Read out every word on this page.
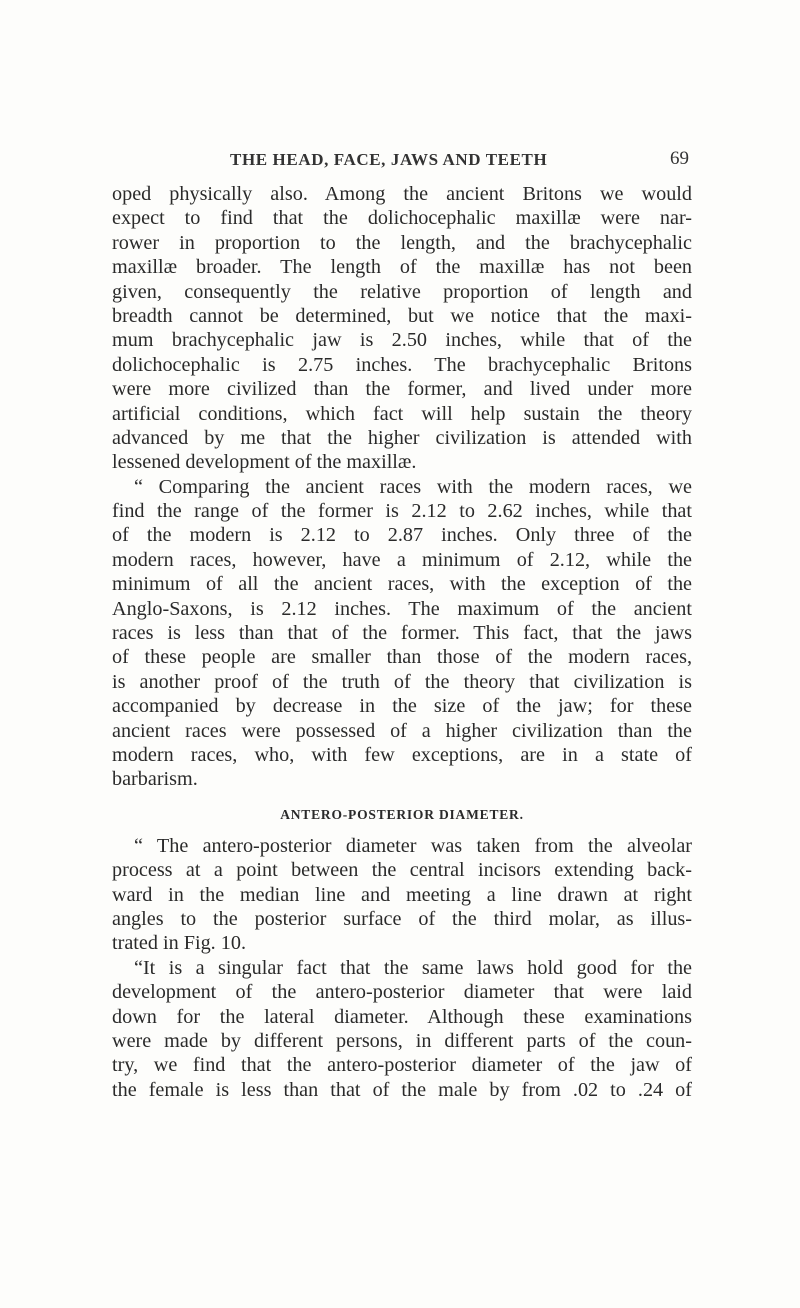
THE HEAD, FACE, JAWS AND TEETH	69
oped physically also. Among the ancient Britons we would
expect to find that the dolichocephalic maxillæ were nar-
rower in proportion to the length, and the brachycephalic
maxillæ broader. The length of the maxillæ has not been
given, consequently the relative proportion of length and
breadth cannot be determined, but we notice that the maxi-
mum brachycephalic jaw is 2.50 inches, while that of the
dolichocephalic is 2.75 inches. The brachycephalic Britons
were more civilized than the former, and lived under more
artificial conditions, which fact will help sustain the theory
advanced by me that the higher civilization is attended with
lessened development of the maxillæ.
“ Comparing the ancient races with the modern races, we
find the range of the former is 2.12 to 2.62 inches, while that
of the modern is 2.12 to 2.87 inches. Only three of the
modern races, however, have a minimum of 2.12, while the
minimum of all the ancient races, with the exception of the
Anglo-Saxons, is 2.12 inches. The maximum of the ancient
races is less than that of the former. This fact, that the jaws
of these people are smaller than those of the modern races,
is another proof of the truth of the theory that civilization is
accompanied by decrease in the size of the jaw; for these
ancient races were possessed of a higher civilization than the
modern races, who, with few exceptions, are in a state of
barbarism.
ANTERO-POSTERIOR DIAMETER.
“ The antero-posterior diameter was taken from the alveolar
process at a point between the central incisors extending back-
ward in the median line and meeting a line drawn at right
angles to the posterior surface of the third molar, as illus-
trated in Fig. 10.
“It is a singular fact that the same laws hold good for the
development of the antero-posterior diameter that were laid
down for the lateral diameter. Although these examinations
were made by different persons, in different parts of the coun-
try, we find that the antero-posterior diameter of the jaw of
the female is less than that of the male by from .02 to .24 of
